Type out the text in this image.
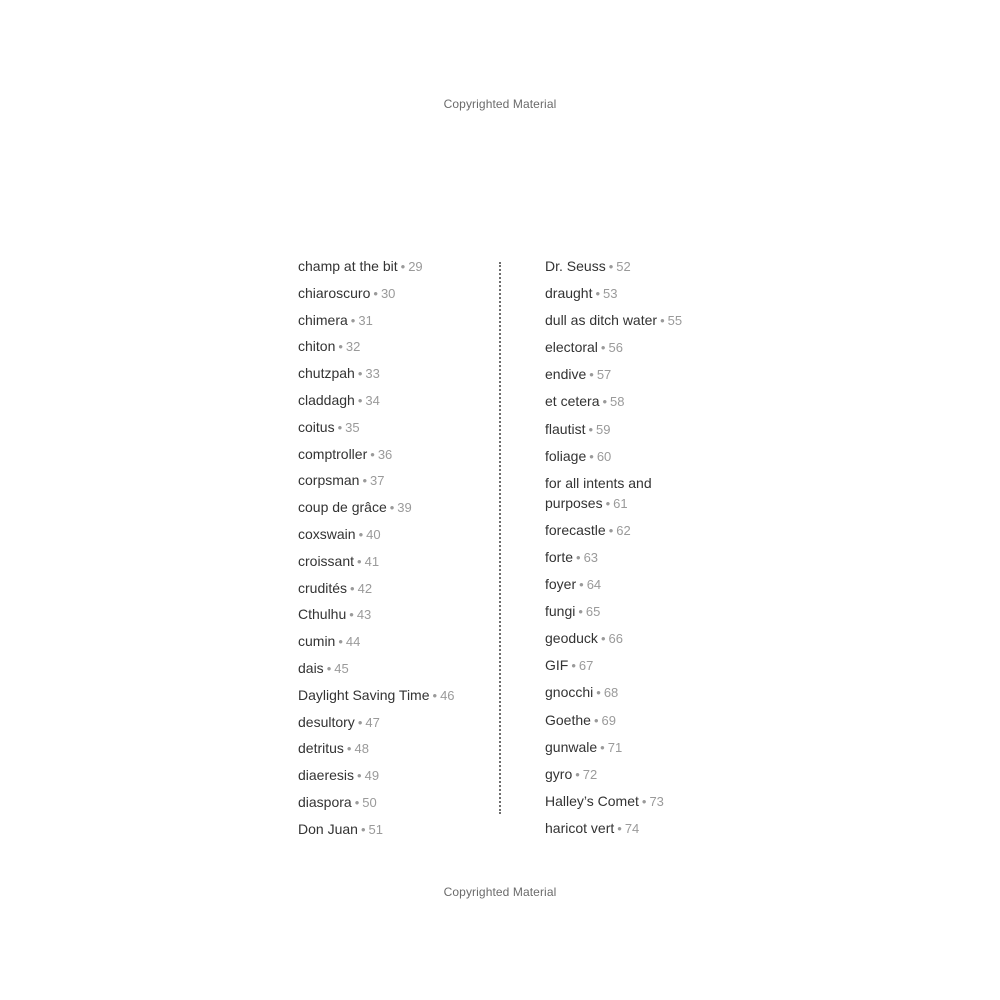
Copyrighted Material
champ at the bit • 29
chiaroscuro • 30
chimera • 31
chiton • 32
chutzpah • 33
claddagh • 34
coitus • 35
comptroller • 36
corpsman • 37
coup de grâce • 39
coxswain • 40
croissant • 41
crudités • 42
Cthulhu • 43
cumin • 44
dais • 45
Daylight Saving Time • 46
desultory • 47
detritus • 48
diaeresis • 49
diaspora • 50
Don Juan • 51
Dr. Seuss • 52
draught • 53
dull as ditch water • 55
electoral • 56
endive • 57
et cetera • 58
flautist • 59
foliage • 60
for all intents and purposes • 61
forecastle • 62
forte • 63
foyer • 64
fungi • 65
geoduck • 66
GIF • 67
gnocchi • 68
Goethe • 69
gunwale • 71
gyro • 72
Halley’s Comet • 73
haricot vert • 74
Copyrighted Material
